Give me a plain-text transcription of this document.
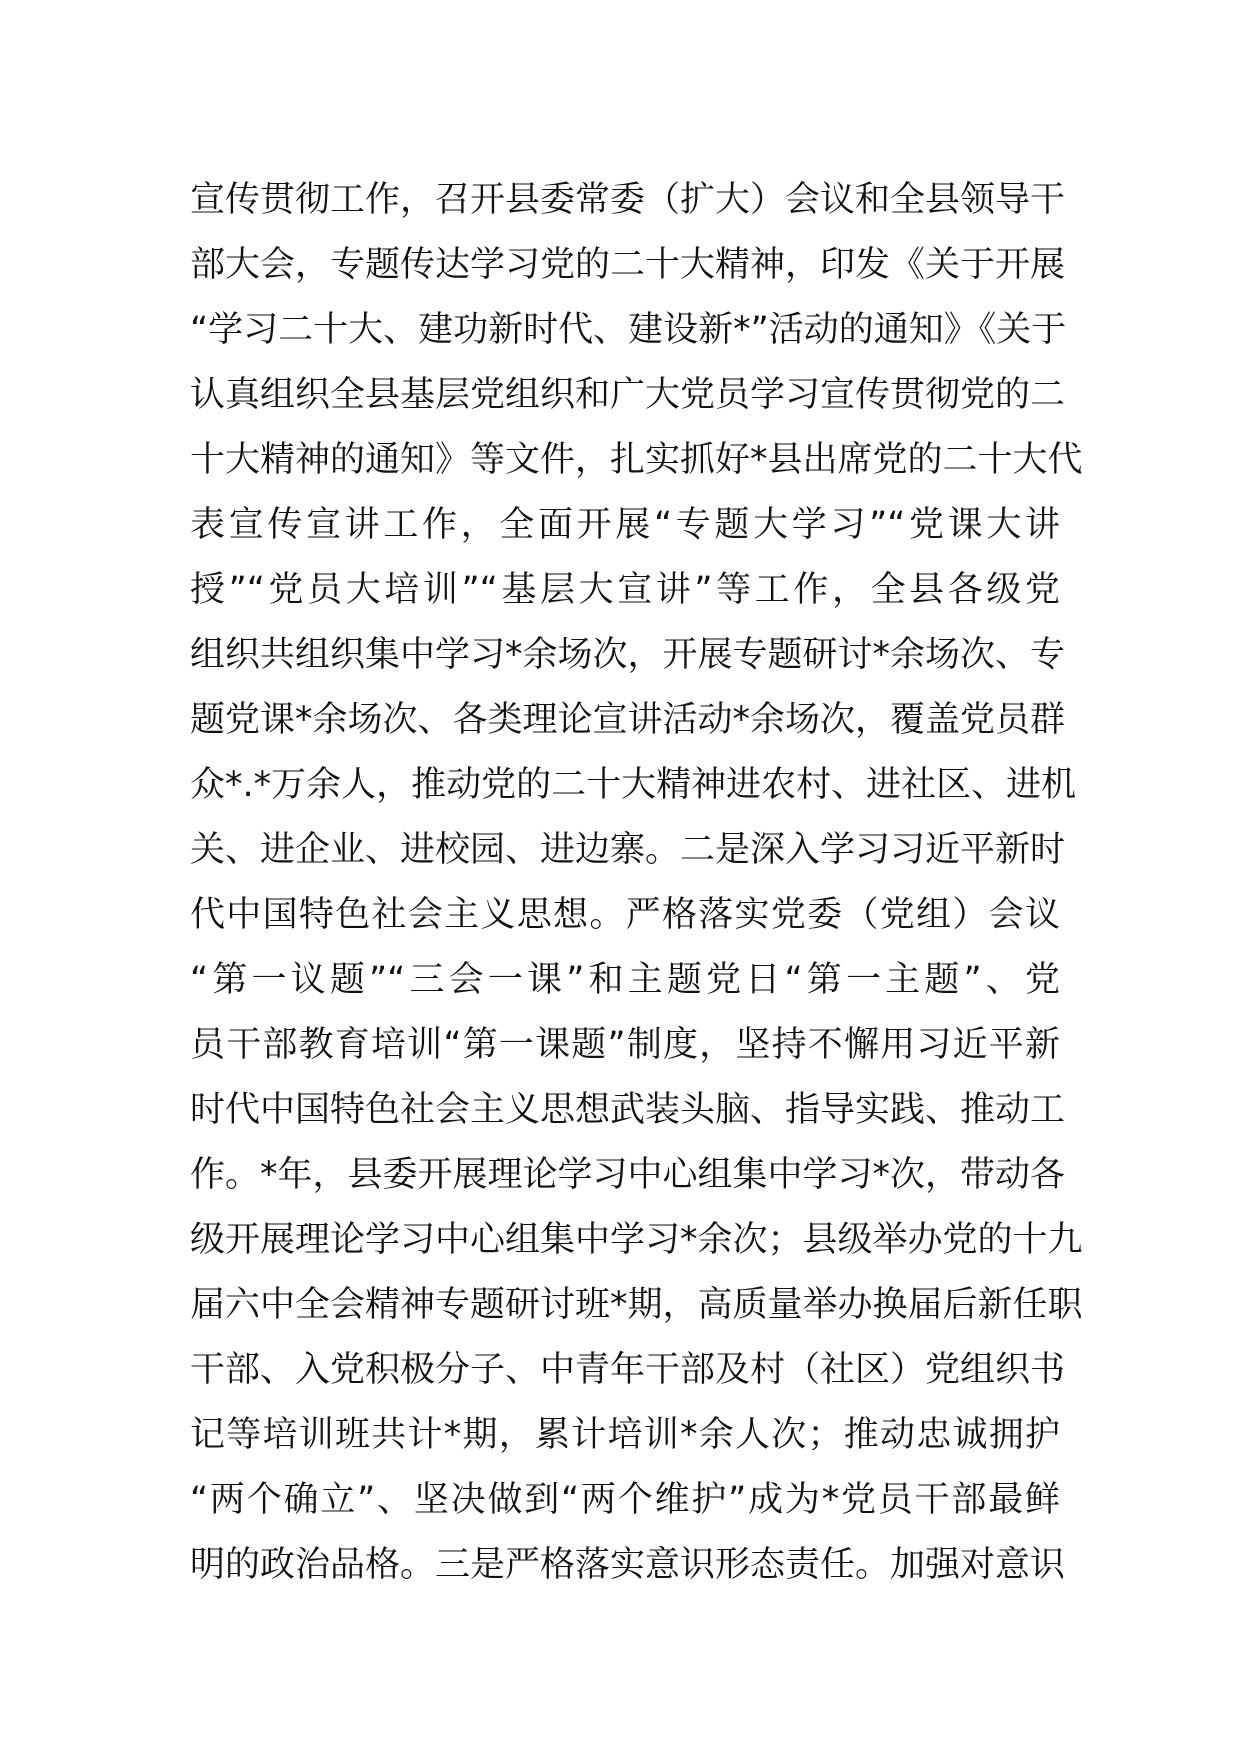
宣传贯彻工作，召开县委常委（扩大）会议和全县领导干
部大会，专题传达学习党的二十大精神，印发《关于开展
“学习二十大、建功新时代、建设新*”活动的通知》《关于
认真组织全县基层党组织和广大党员学习宣传贯彻党的二
十大精神的通知》等文件，扎实抓好*县出席党的二十大代
表宣传宣讲工作，全面开展“专题大学习”“党课大讲
授”“党员大培训”“基层大宣讲”等工作，全县各级党
组织共组织集中学习*余场次，开展专题研讨*余场次、专
题党课*余场次、各类理论宣讲活动*余场次，覆盖党员群
众*.*万余人，推动党的二十大精神进农村、进社区、进机
关、进企业、进校园、进边寨。二是深入学习习近平新时
代中国特色社会主义思想。严格落实党委（党组）会议
“第一议题”“三会一课”和主题党日“第一主题”、党
员干部教育培训“第一课题”制度，坚持不懈用习近平新
时代中国特色社会主义思想武装头脑、指导实践、推动工
作。*年，县委开展理论学习中心组集中学习*次，带动各
级开展理论学习中心组集中学习*余次；县级举办党的十九
届六中全会精神专题研讨班*期，高质量举办换届后新任职
干部、入党积极分子、中青年干部及村（社区）党组织书
记等培训班共计*期，累计培训*余人次；推动忠诚拥护
“两个确立”、坚决做到“两个维护”成为*党员干部最鲜
明的政治品格。三是严格落实意识形态责任。加强对意识
